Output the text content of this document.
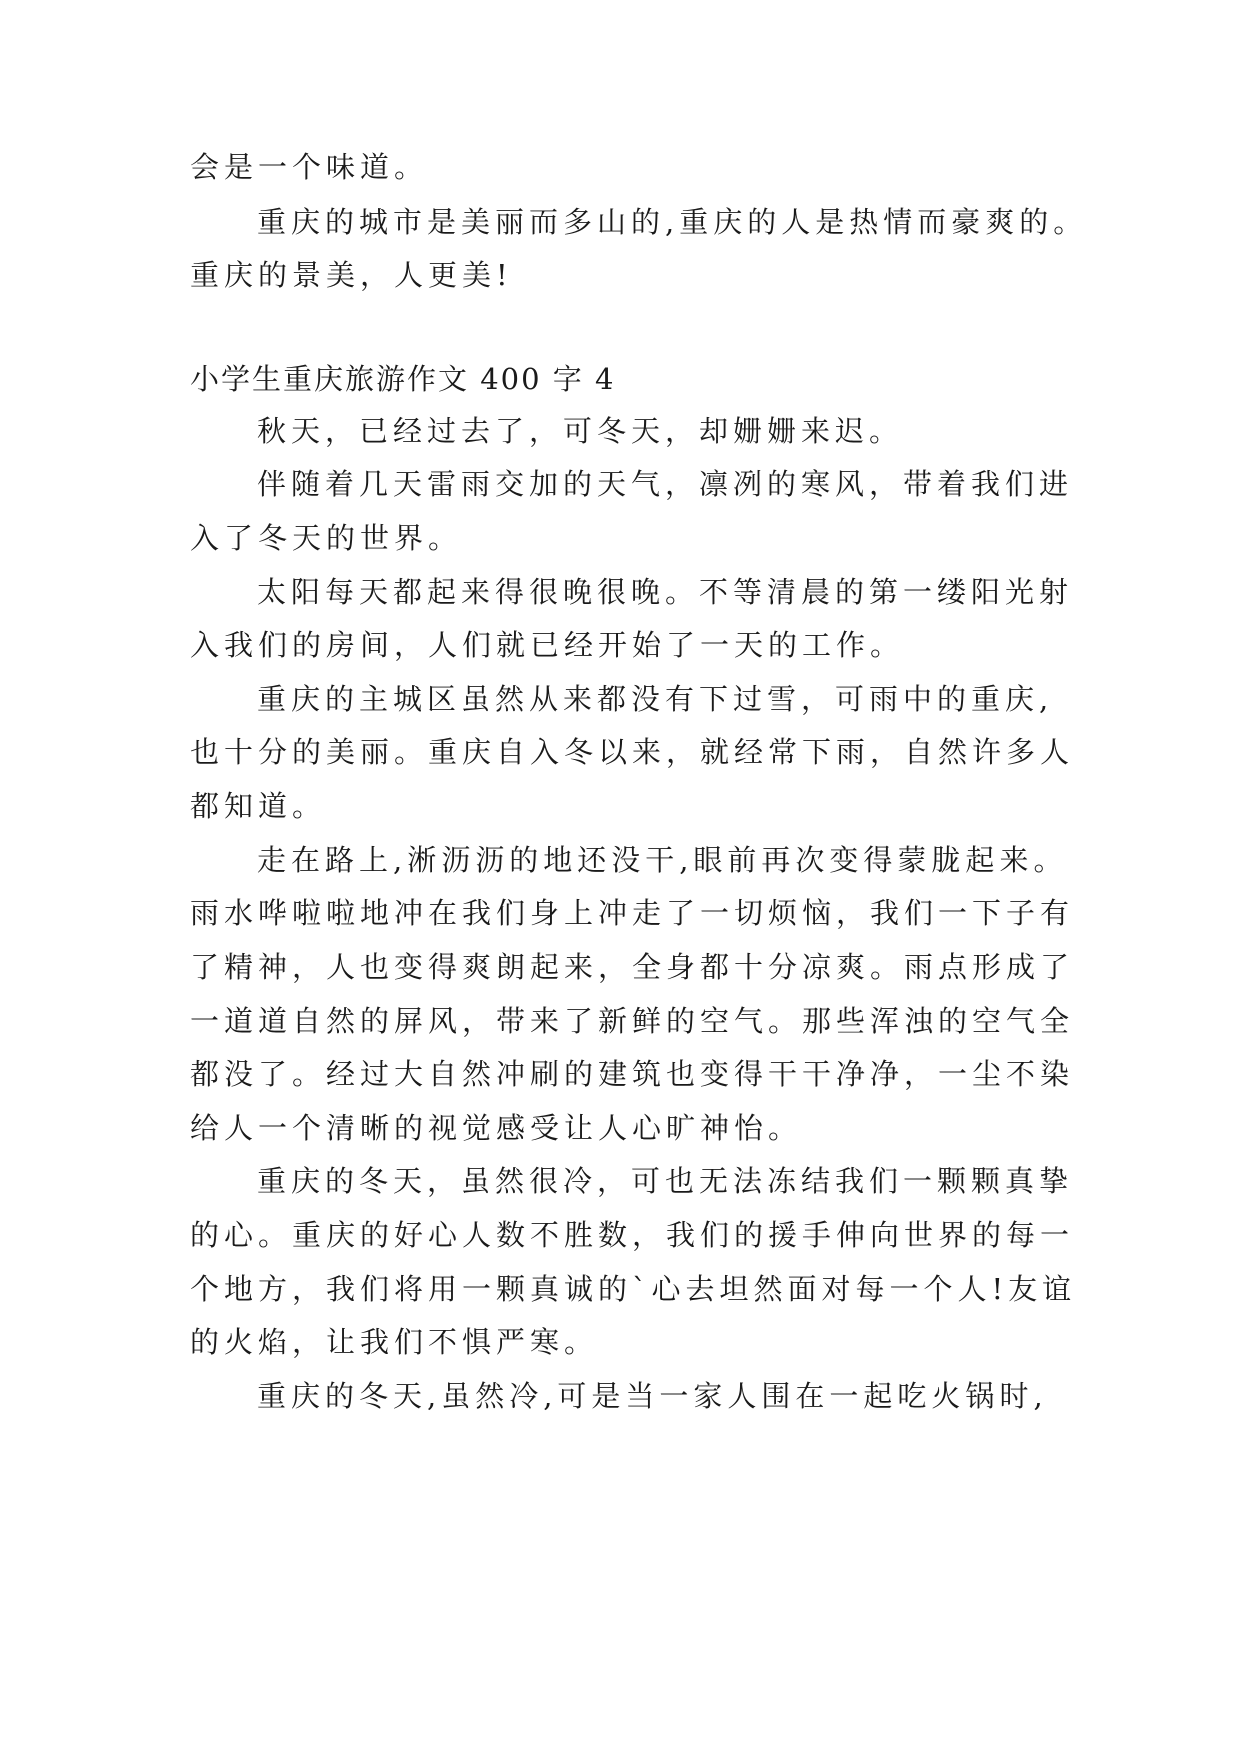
会是一个味道。
重庆的城市是美丽而多山的,重庆的人是热情而豪爽的。
重庆的景美，人更美!
小学生重庆旅游作文 400 字 4
秋天，已经过去了，可冬天，却姗姗来迟。
伴随着几天雷雨交加的天气，凛冽的寒风，带着我们进
入了冬天的世界。
太阳每天都起来得很晚很晚。不等清晨的第一缕阳光射
入我们的房间，人们就已经开始了一天的工作。
重庆的主城区虽然从来都没有下过雪，可雨中的重庆,
也十分的美丽。重庆自入冬以来，就经常下雨，自然许多人
都知道。
走在路上,淅沥沥的地还没干,眼前再次变得蒙胧起来。
雨水哗啦啦地冲在我们身上冲走了一切烦恼，我们一下子有
了精神，人也变得爽朗起来，全身都十分凉爽。雨点形成了
一道道自然的屏风，带来了新鲜的空气。那些浑浊的空气全
都没了。经过大自然冲刷的建筑也变得干干净净，一尘不染
给人一个清晰的视觉感受让人心旷神怡。
重庆的冬天，虽然很冷，可也无法冻结我们一颗颗真挚
的心。重庆的好心人数不胜数，我们的援手伸向世界的每一
个地方，我们将用一颗真诚的`心去坦然面对每一个人!友谊
的火焰，让我们不惧严寒。
重庆的冬天,虽然冷,可是当一家人围在一起吃火锅时,
